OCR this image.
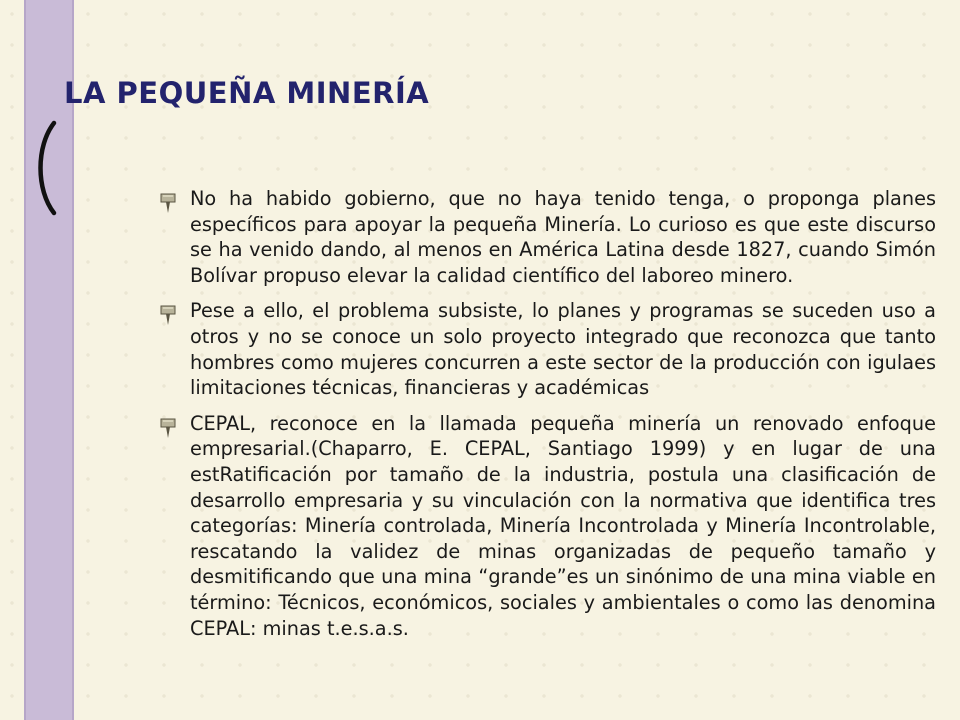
LA PEQUEÑA MINERÍA

No ha habido gobierno, que no haya tenido tenga, o proponga planes específicos para apoyar la pequeña Minería. Lo curioso es que este discurso se ha venido dando, al menos en América Latina desde 1827, cuando Simón Bolívar propuso elevar la calidad científico del laboreo minero.

Pese a ello, el problema subsiste, lo planes y programas se suceden uso a otros y no se conoce un solo proyecto integrado que reconozca que tanto hombres como mujeres concurren a este sector de la producción con igulaes limitaciones técnicas, financieras y académicas

CEPAL, reconoce en la llamada pequeña minería un renovado enfoque empresarial.(Chaparro, E. CEPAL, Santiago 1999) y en lugar de una estRatificación por tamaño de la industria, postula una clasificación de desarrollo empresaria y su vinculación con la normativa que identifica tres categorías: Minería controlada, Minería Incontrolada y Minería Incontrolable, rescatando la validez de minas organizadas de pequeño tamaño y desmitificando que una mina “grande”es un sinónimo de una mina viable en término: Técnicos, económicos, sociales y ambientales o como las denomina CEPAL: minas t.e.s.a.s.
